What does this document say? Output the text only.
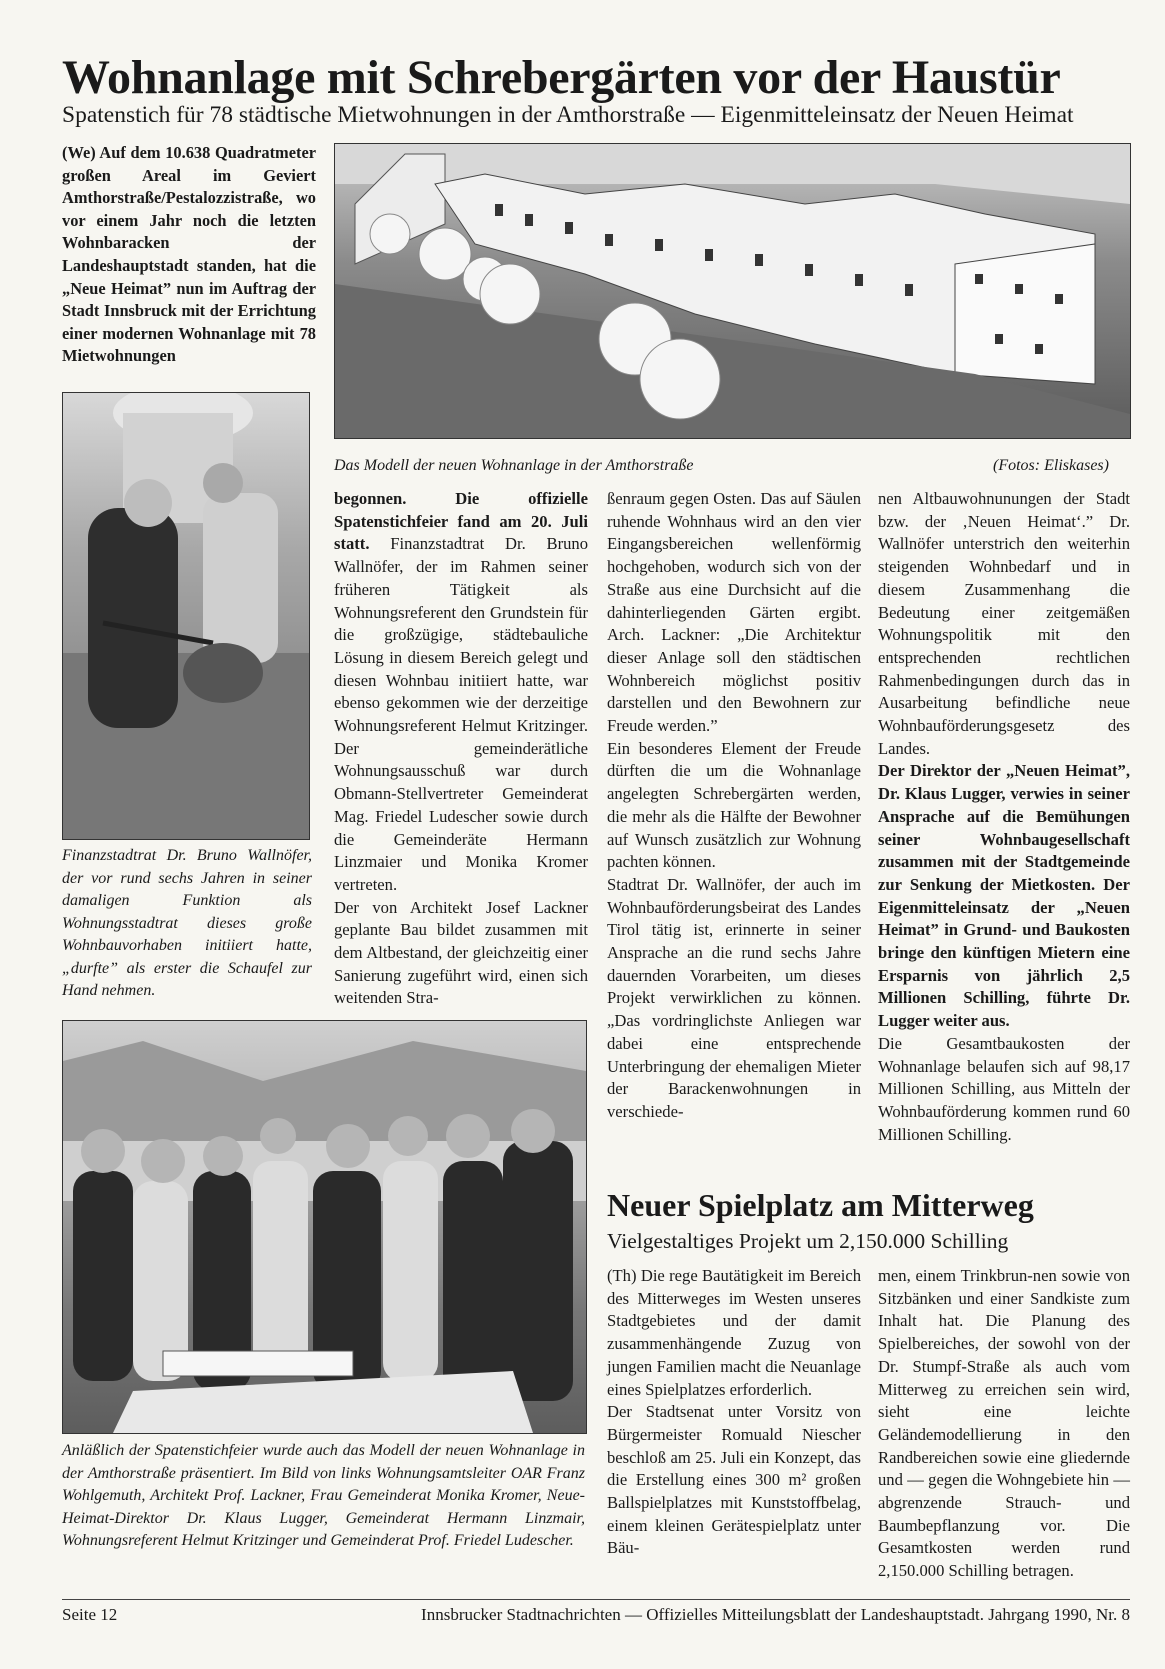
Wohnanlage mit Schrebergärten vor der Haustür
Spatenstich für 78 städtische Mietwohnungen in der Amthorstraße — Eigenmitteleinsatz der Neuen Heimat
(We) Auf dem 10.638 Quadratmeter großen Areal im Geviert Amthorstraße/Pestalozzistraße, wo vor einem Jahr noch die letzten Wohnbaracken der Landeshauptstadt standen, hat die „Neue Heimat” nun im Auftrag der Stadt Innsbruck mit der Errichtung einer modernen Wohnanlage mit 78 Mietwohnungen
Das Modell der neuen Wohnanlage in der Amthorstraße	(Fotos: Eliskases)
Finanzstadtrat Dr. Bruno Wallnöfer, der vor rund sechs Jahren in seiner damaligen Funktion als Wohnungsstadtrat dieses große Wohnbauvorhaben initiiert hatte, „durfte” als erster die Schaufel zur Hand nehmen.
Anläßlich der Spatenstichfeier wurde auch das Modell der neuen Wohnanlage in der Amthorstraße präsentiert. Im Bild von links Wohnungsamtsleiter OAR Franz Wohlgemuth, Architekt Prof. Lackner, Frau Gemeinderat Monika Kromer, Neue-Heimat-Direktor Dr. Klaus Lugger, Gemeinderat Hermann Linzmair, Wohnungsreferent Helmut Kritzinger und Gemeinderat Prof. Friedel Ludescher.

begonnen. Die offizielle Spatenstichfeier fand am 20. Juli statt. Finanzstadtrat Dr. Bruno Wallnöfer, der im Rahmen seiner früheren Tätigkeit als Wohnungsreferent den Grundstein für die großzügige, städtebauliche Lösung in diesem Bereich gelegt und diesen Wohnbau initiiert hatte, war ebenso gekommen wie der derzeitige Wohnungsreferent Helmut Kritzinger. Der gemeinderätliche Wohnungsausschuß war durch Obmann-Stellvertreter Gemeinderat Mag. Friedel Ludescher sowie durch die Gemeinderäte Hermann Linzmaier und Monika Kromer vertreten.

Der von Architekt Josef Lackner geplante Bau bildet zusammen mit dem Altbestand, der gleichzeitig einer Sanierung zugeführt wird, einen sich weitenden Stra-

ßenraum gegen Osten. Das auf Säulen ruhende Wohnhaus wird an den vier Eingangsbereichen wellenförmig hochgehoben, wodurch sich von der Straße aus eine Durchsicht auf die dahinterliegenden Gärten ergibt. Arch. Lackner: „Die Architektur dieser Anlage soll den städtischen Wohnbereich möglichst positiv darstellen und den Bewohnern zur Freude werden.”

Ein besonderes Element der Freude dürften die um die Wohnanlage angelegten Schrebergärten werden, die mehr als die Hälfte der Bewohner auf Wunsch zusätzlich zur Wohnung pachten können.

Stadtrat Dr. Wallnöfer, der auch im Wohnbauförderungsbeirat des Landes Tirol tätig ist, erinnerte in seiner Ansprache an die rund sechs Jahre dauernden Vorarbeiten, um dieses Projekt verwirklichen zu können. „Das vordringlichste Anliegen war dabei eine entsprechende Unterbringung der ehemaligen Mieter der Barackenwohnungen in verschiede-

nen Altbauwohnunungen der Stadt bzw. der ‚Neuen Heimat‘.” Dr. Wallnöfer unterstrich den weiterhin steigenden Wohnbedarf und in diesem Zusammenhang die Bedeutung einer zeitgemäßen Wohnungspolitik mit den entsprechenden rechtlichen Rahmenbedingungen durch das in Ausarbeitung befindliche neue Wohnbauförderungsgesetz des Landes.

Der Direktor der „Neuen Heimat”, Dr. Klaus Lugger, verwies in seiner Ansprache auf die Bemühungen seiner Wohnbaugesellschaft zusammen mit der Stadtgemeinde zur Senkung der Mietkosten. Der Eigenmitteleinsatz der „Neuen Heimat” in Grund- und Baukosten bringe den künftigen Mietern eine Ersparnis von jährlich 2,5 Millionen Schilling, führte Dr. Lugger weiter aus.

Die Gesamtbaukosten der Wohnanlage belaufen sich auf 98,17 Millionen Schilling, aus Mitteln der Wohnbauförderung kommen rund 60 Millionen Schilling.

Neuer Spielplatz am Mitterweg
Vielgestaltiges Projekt um 2,150.000 Schilling

(Th) Die rege Bautätigkeit im Bereich des Mitterweges im Westen unseres Stadtgebietes und der damit zusammenhängende Zuzug von jungen Familien macht die Neuanlage eines Spielplatzes erforderlich.

Der Stadtsenat unter Vorsitz von Bürgermeister Romuald Niescher beschloß am 25. Juli ein Konzept, das die Erstellung eines 300 m² großen Ballspielplatzes mit Kunststoffbelag, einem kleinen Gerätespielplatz unter Bäu-

men, einem Trinkbrun-nen sowie von Sitzbänken und einer Sandkiste zum Inhalt hat. Die Planung des Spielbereiches, der sowohl von der Dr. Stumpf-Straße als auch vom Mitterweg zu erreichen sein wird, sieht eine leichte Geländemodellierung in den Randbereichen sowie eine gliedernde und — gegen die Wohngebiete hin — abgrenzende Strauch- und Baumbepflanzung vor. Die Gesamtkosten werden rund 2,150.000 Schilling betragen.

Seite 12	Innsbrucker Stadtnachrichten — Offizielles Mitteilungsblatt der Landeshauptstadt. Jahrgang 1990, Nr. 8
